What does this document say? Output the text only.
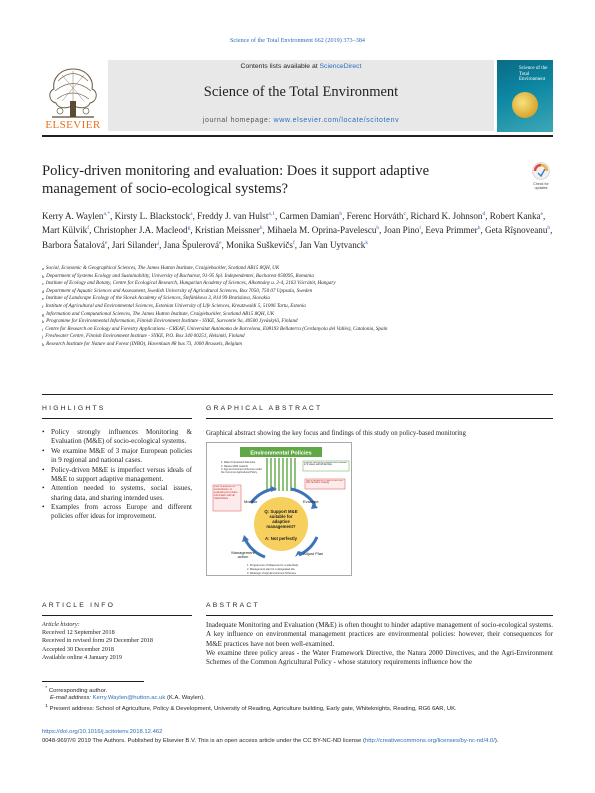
Science of the Total Environment 662 (2019) 373–384
ELSEVIER
Contents lists available at ScienceDirect
Science of the Total Environment
journal homepage: www.elsevier.com/locate/scitotenv
Science of the Total Environment
Policy-driven monitoring and evaluation: Does it support adaptive management of socio-ecological systems?	Check for
updates
Kerry A. Waylen$^{a,*}$, Kirsty L. Blackstock$^a$, Freddy J. van Hulst$^{a,1}$, Carmen Damian$^b$, Ferenc Horváth$^c$, Richard K. Johnson$^d$, Robert Kanka$^e$, Mart Külvik$^f$, Christopher J.A. Macleod$^g$, Kristian Meissner$^h$, Mihaela M. Oprina-Pavelescu$^b$, Joan Pino$^i$, Eeva Primmer$^h$, Geta Rîşnoveanu$^b$, Barbora Šatalová$^e$, Jari Silander$^j$, Jana Špulerová$^e$, Monika Suškevičs$^f$, Jan Van Uytvanck$^k$
$^a$ Social, Economic & Geographical Sciences, The James Hutton Institute, Craigiebuckler, Scotland AB15 8QH, UK
$^b$ Department of Systems Ecology and Sustainability, University of Bucharest, 91-95 Spl. Independentei, Bucharest 050095, Romania
$^c$ Institute of Ecology and Botany, Centre for Ecological Research, Hungarian Academy of Sciences, Alkotmány u. 2-4, 2163 Vácrátót, Hungary
$^d$ Department of Aquatic Sciences and Assessment, Swedish University of Agricultural Sciences, Box 7050, 750 07 Uppsala, Sweden
$^e$ Institute of Landscape Ecology of the Slovak Academy of Sciences, Štefánikova 3, 814 99 Bratislava, Slovakia
$^f$ Institute of Agricultural and Environmental Sciences, Estonian University of Life Sciences, Kreutzwaldi 5, 51006 Tartu, Estonia
$^g$ Information and Computational Sciences, The James Hutton Institute, Craigiebuckler, Scotland AB15 8QH, UK
$^h$ Programme for Environmental Information, Finnish Environment Institute - SYKE, Survontie 9a, 40500 Jyväskylä, Finland
$^i$ Centre for Research on Ecology and Forestry Applications - CREAF, Universitat Autònoma de Barcelona, E08193 Bellaterra (Cerdanyola del Vallès), Catalonia, Spain
$^j$ Freshwater Centre, Finnish Environment Institute - SYKE, P.O. Box 340 00251, Helsinki, Finland
$^k$ Research Institute for Nature and Forest (INBO), Havenlaan 88 bus 73, 1000 Brussels, Belgium
HIGHLIGHTS
• Policy strongly influences Monitoring & Evaluation (M&E) of socio-ecological systems.
• We examine M&E of 3 major European policies in 9 regional and national cases.
• Policy-driven M&E is imperfect versus ideals of M&E to support adaptive management.
• Attention needed to systems, social issues, sharing data, and sharing intended uses.
• Examples from across Europe and different policies offer ideas for improvement.
GRAPHICAL ABSTRACT
Graphical abstract showing the key focus and findings of this study on policy-based monitoring
Environmental Policies
1. Water Framework Directive
2. Natura 2000 network
3. Agri-environment schemes under the Common Agricultural Policy
Offered overlying programmes studied in 9 cases across Europe
Not a sequence / cited to aim link with decision making
Lack of attention to social factors, to evaluating & to share information with all stakeholders
Monitor	Evaluate
Adjust Plan
Management action
Q: Support M&E suitable for adaptive management?
A: Not perfectly
1. Programmes of Measures for a waterbody
2. Management plan for a designated site
3. Redesign of Agri-Environment Schemes
ARTICLE INFO
Article history:
Received 12 September 2018
Received in revised form 29 December 2018
Accepted 30 December 2018
Available online 4 January 2019
ABSTRACT

Inadequate Monitoring and Evaluation (M&E) is often thought to hinder adaptive management of socio-ecological systems. A key influence on environmental management practices are environmental policies: however, their consequences for M&E practices have not been well-examined.

We examine three policy areas - the Water Framework Directive, the Natura 2000 Directives, and the Agri-Environment Schemes of the Common Agricultural Policy - whose statutory requirements influence how the

* Corresponding author.
E-mail address: Kerry.Waylen@hutton.ac.uk (K.A. Waylen).
$^1$ Present address: School of Agriculture, Policy & Development, University of Reading, Agriculture building, Early gate, Whiteknights, Reading, RG6 6AR, UK.
https://doi.org/10.1016/j.scitotenv.2018.12.462
0048-9697/© 2019 The Authors. Published by Elsevier B.V. This is an open access article under the CC BY-NC-ND license (http://creativecommons.org/licenses/by-nc-nd/4.0/).
